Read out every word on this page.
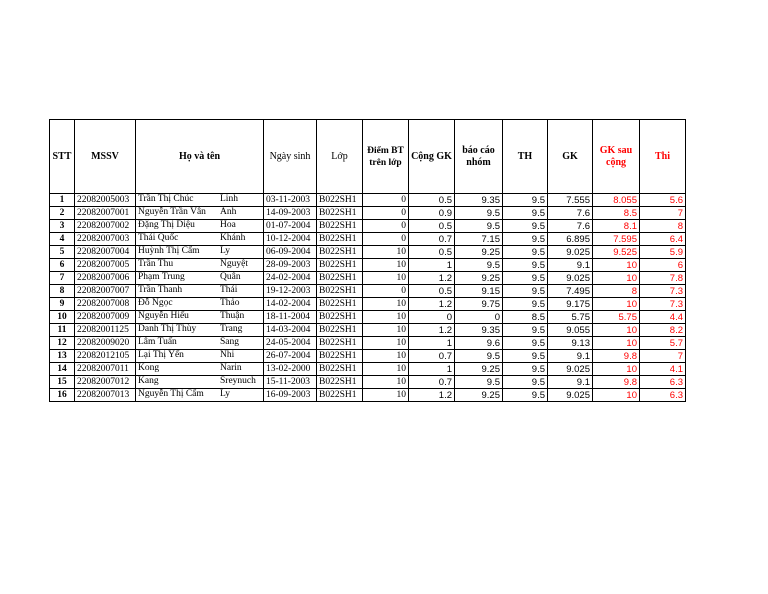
STT	MSSV	Họ và tên	Ngày sinh	Lớp	Điểm BT trên lớp	Cộng GK	báo cáo nhóm	TH	GK	GK sau cộng	Thi
1	22082005003	Trần Thị Chúc Linh	03-11-2003	B022SH1	0	0.5	9.35	9.5	7.555	8.055	5.6
2	22082007001	Nguyễn Trần Vân Anh	14-09-2003	B022SH1	0	0.9	9.5	9.5	7.6	8.5	7
3	22082007002	Đặng Thị Diệu Hoa	01-07-2004	B022SH1	0	0.5	9.5	9.5	7.6	8.1	8
4	22082007003	Thái Quốc Khánh	10-12-2004	B022SH1	0	0.7	7.15	9.5	6.895	7.595	6.4
5	22082007004	Huỳnh Thị Cẩm Ly	06-09-2004	B022SH1	10	0.5	9.25	9.5	9.025	9.525	5.9
6	22082007005	Trần Thu Nguyệt	28-09-2003	B022SH1	10	1	9.5	9.5	9.1	10	6
7	22082007006	Phạm Trung Quân	24-02-2004	B022SH1	10	1.2	9.25	9.5	9.025	10	7.8
8	22082007007	Trần Thanh Thái	19-12-2003	B022SH1	0	0.5	9.15	9.5	7.495	8	7.3
9	22082007008	Đỗ Ngọc Thảo	14-02-2004	B022SH1	10	1.2	9.75	9.5	9.175	10	7.3
10	22082007009	Nguyễn Hiếu Thuận	18-11-2004	B022SH1	10	0	0	8.5	5.75	5.75	4.4
11	22082001125	Danh Thị Thùy Trang	14-03-2004	B022SH1	10	1.2	9.35	9.5	9.055	10	8.2
12	22082009020	Lâm Tuấn Sang	24-05-2004	B022SH1	10	1	9.6	9.5	9.13	10	5.7
13	22082012105	Lại Thị Yến Nhi	26-07-2004	B022SH1	10	0.7	9.5	9.5	9.1	9.8	7
14	22082007011	Kong Narin	13-02-2000	B022SH1	10	1	9.25	9.5	9.025	10	4.1
15	22082007012	Kang Sreynuch	15-11-2003	B022SH1	10	0.7	9.5	9.5	9.1	9.8	6.3
16	22082007013	Nguyễn Thị Cẩm Ly	16-09-2003	B022SH1	10	1.2	9.25	9.5	9.025	10	6.3
